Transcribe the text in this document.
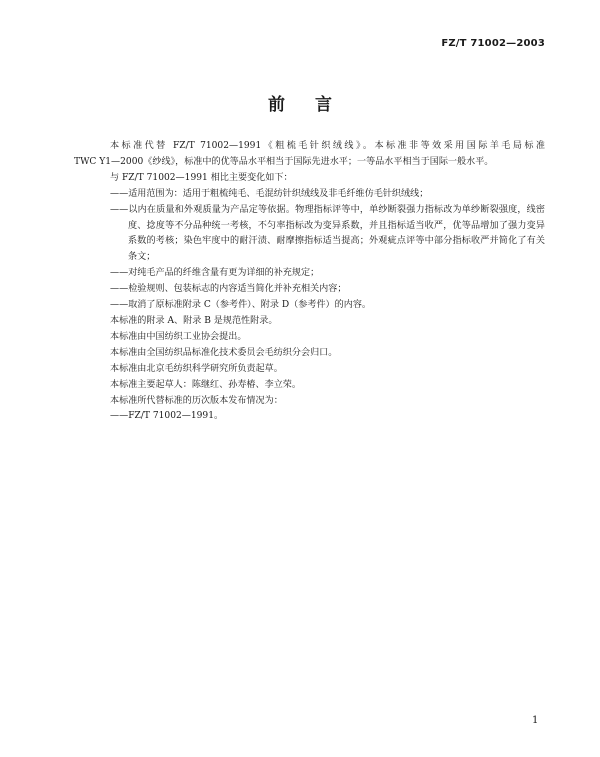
FZ/T 71002—2003
前言

本标准代替 FZ/T 71002—1991《粗梳毛针织绒线》。本标准非等效采用国际羊毛局标准

TWC Y1—2000《纱线》，标准中的优等品水平相当于国际先进水平；一等品水平相当于国际一般水平。

与 FZ/T 71002—1991 相比主要变化如下：

——适用范围为：适用于粗梳纯毛、毛混纺针织绒线及非毛纤维仿毛针织绒线；

——以内在质量和外观质量为产品定等依据。物理指标评等中，单纱断裂强力指标改为单纱断裂强度，线密度、捻度等不分品种统一考核，不匀率指标改为变异系数，并且指标适当收严，优等品增加了强力变异系数的考核；染色牢度中的耐汗渍、耐摩擦指标适当提高；外观疵点评等中部分指标收严并简化了有关条文；

——对纯毛产品的纤维含量有更为详细的补充规定；

——检验规则、包装标志的内容适当简化并补充相关内容；

——取消了原标准附录 C（参考件）、附录 D（参考件）的内容。

本标准的附录 A、附录 B 是规范性附录。

本标准由中国纺织工业协会提出。

本标准由全国纺织品标准化技术委员会毛纺织分会归口。

本标准由北京毛纺织科学研究所负责起草。

本标准主要起草人：陈继红、孙寿椿、李立荣。

本标准所代替标准的历次版本发布情况为：

——FZ/T 71002—1991。

1
